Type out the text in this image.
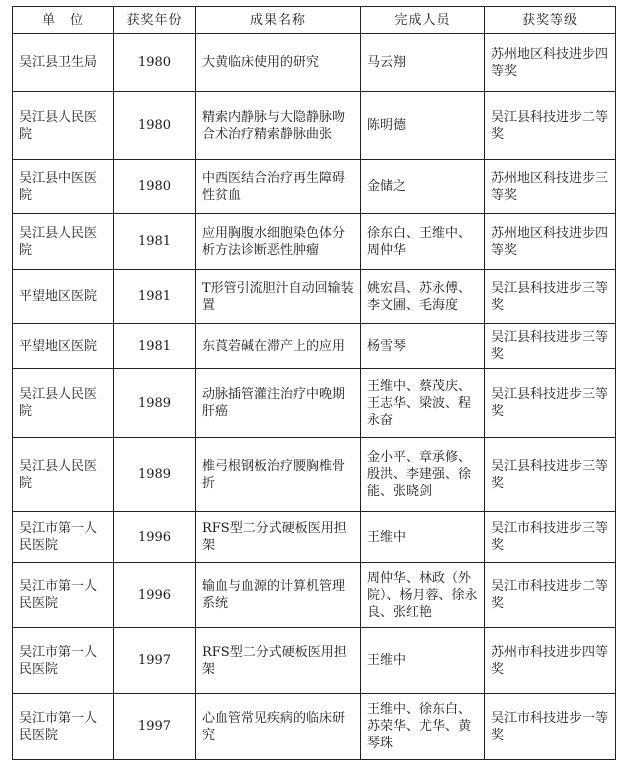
单　位	获奖年份	成果名称	完成人员	获奖等级
吴江县卫生局	1980	大黄临床使用的研究	马云翔	苏州地区科技进步四等奖
吴江县人民医院	1980	精索内静脉与大隐静脉吻合术治疗精索静脉曲张	陈明德	吴江县科技进步二等奖
吴江县中医医院	1980	中西医结合治疗再生障碍性贫血	金储之	苏州地区科技进步三等奖
吴江县人民医院	1981	应用胸腹水细胞染色体分析方法诊断恶性肿瘤	徐东白、王维中、周仲华	苏州地区科技进步四等奖
平望地区医院	1981	T形管引流胆汁自动回输装置	姚宏昌、苏永傅、李文圃、毛海度	吴江县科技进步三等奖
平望地区医院	1981	东莨菪碱在滞产上的应用	杨雪琴	吴江县科技进步三等奖
吴江县人民医院	1989	动脉插管灌注治疗中晚期肝癌	王维中、蔡茂庆、王志华、梁波、程永奋	吴江县科技进步三等奖
吴江县人民医院	1989	椎弓根钢板治疗腰胸椎骨折	金小平、章承修、殷洪、李建强、徐能、张晓剑	吴江县科技进步三等奖
吴江市第一人民医院	1996	RFS型二分式硬板医用担架	王维中	吴江市科技进步三等奖
吴江市第一人民医院	1996	输血与血源的计算机管理系统	周仲华、林政（外院）、杨月蓉、徐永良、张红艳	吴江市科技进步二等奖
吴江市第一人民医院	1997	RFS型二分式硬板医用担架	王维中	苏州市科技进步四等奖
吴江市第一人民医院	1997	心血管常见疾病的临床研究	王维中、徐东白、苏荣华、尤华、黄琴珠	吴江市科技进步一等奖
